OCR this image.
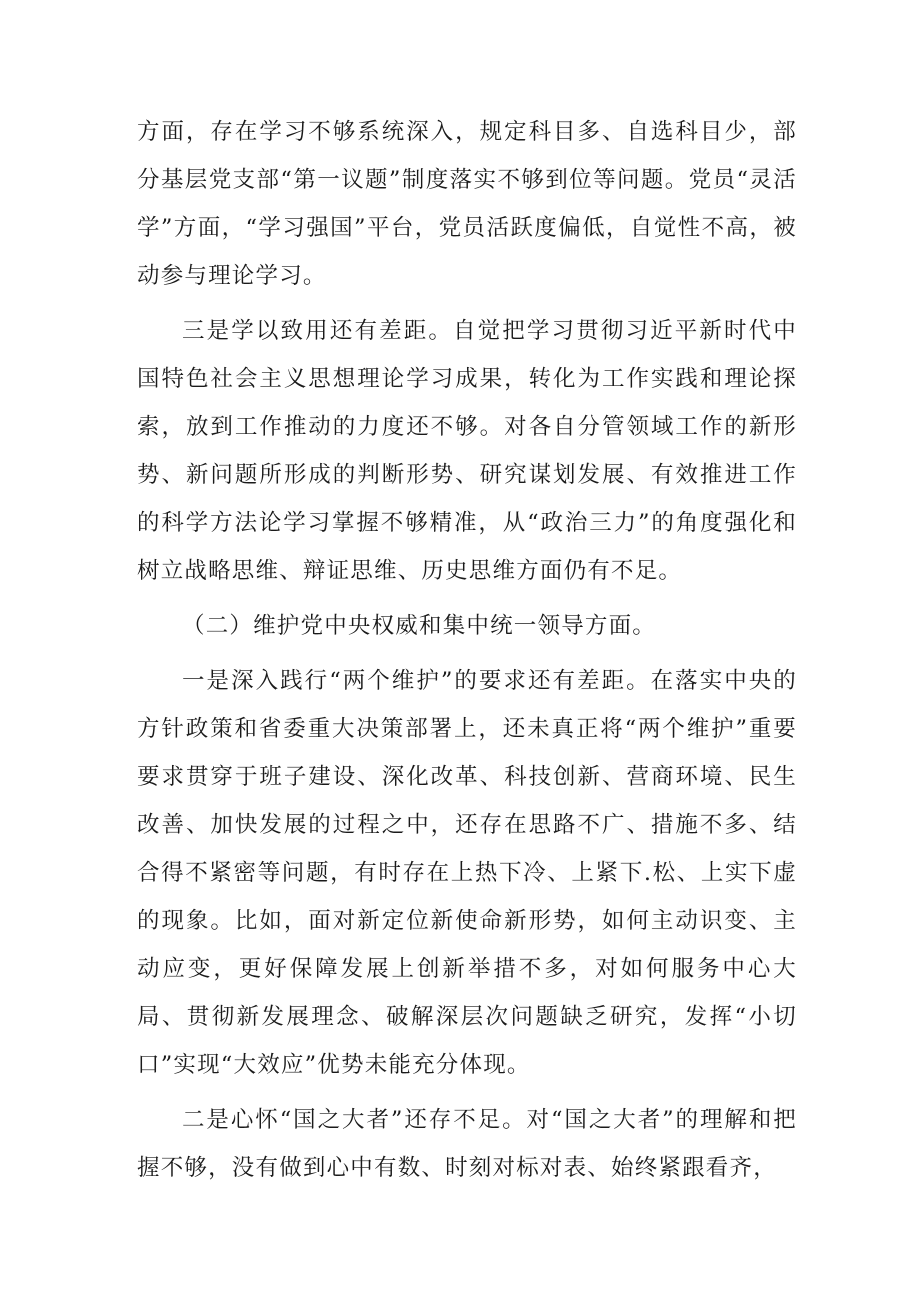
方面，存在学习不够系统深入，规定科目多、自选科目少，部分基层党支部“第一议题”制度落实不够到位等问题。党员“灵活学”方面，“学习强国”平台，党员活跃度偏低，自觉性不高，被动参与理论学习。

三是学以致用还有差距。自觉把学习贯彻习近平新时代中国特色社会主义思想理论学习成果，转化为工作实践和理论探索，放到工作推动的力度还不够。对各自分管领域工作的新形势、新问题所形成的判断形势、研究谋划发展、有效推进工作的科学方法论学习掌握不够精准，从“政治三力”的角度强化和树立战略思维、辩证思维、历史思维方面仍有不足。

（二）维护党中央权威和集中统一领导方面。

一是深入践行“两个维护”的要求还有差距。在落实中央的方针政策和省委重大决策部署上，还未真正将“两个维护”重要要求贯穿于班子建设、深化改革、科技创新、营商环境、民生改善、加快发展的过程之中，还存在思路不广、措施不多、结合得不紧密等问题，有时存在上热下冷、上紧下.松、上实下虚的现象。比如，面对新定位新使命新形势，如何主动识变、主动应变，更好保障发展上创新举措不多，对如何服务中心大局、贯彻新发展理念、破解深层次问题缺乏研究，发挥“小切口”实现“大效应”优势未能充分体现。

二是心怀“国之大者”还存不足。对“国之大者”的理解和把握不够，没有做到心中有数、时刻对标对表、始终紧跟看齐，
